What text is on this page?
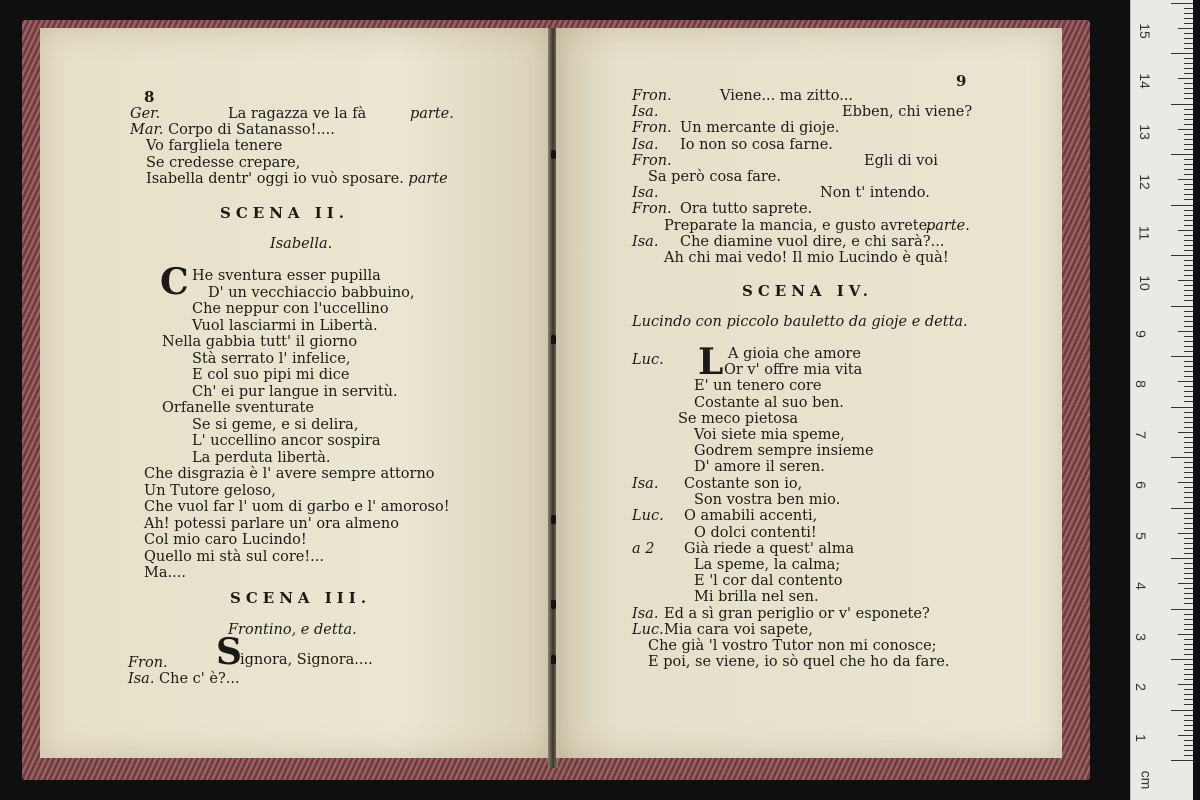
8
Ger.	La ragazza ve la fà	parte.
Mar. Corpo di Satanasso!....
Vo fargliela tenere
Se credesse crepare,
Isabella dentr' oggi io vuò sposare. parte
SCENA II.
Isabella.
C
SCENA III.
Frontino, e detta.
Fron. S
ignora, Signora....
Isa. Che c' è?...
He sventura esser pupilla
D' un vecchiaccio babbuino,
Che neppur con l'uccellino
Vuol lasciarmi in Libertà.
Nella gabbia tutt' il giorno
Stà serrato l' infelice,
E col suo pipi mi dice
Ch' ei pur langue in servitù.
Orfanelle sventurate
Se si geme, e si delira,
L' uccellino ancor sospira
La perduta libertà.
Che disgrazia è l' avere sempre attorno
Un Tutore geloso,
Che vuol far l' uom di garbo e l' amoroso!
Ah! potessi parlare un' ora almeno
Col mio caro Lucindo!
Quello mi stà sul core!...
Ma....
9
SCENA IV.
Lucindo con piccolo bauletto da gioje e detta.
Luc. L
Fron.	Viene... ma zitto...
Isa.	Ebben, chi viene?
Fron. Un mercante di gioje.
Isa. Io non so cosa farne.
Fron.	Egli di voi
Sa però cosa fare.
Isa.	Non t' intendo.
Fron. Ora tutto saprete.
Preparate la mancia, e gusto avrete.
parte.
Isa. Che diamine vuol dire, e chi sarà?...
Ah chi mai vedo! Il mio Lucindo è quà!
A gioia che amore
Or v' offre mia vita
E' un tenero core
Costante al suo ben.
Se meco pietosa
Voi siete mia speme,
Godrem sempre insieme
D' amore il seren.
Isa. Costante son io,
Son vostra ben mio.
Luc. O amabili accenti,
O dolci contenti!
a 2 Già riede a quest' alma
La speme, la calma;
E 'l cor dal contento
Mi brilla nel sen.
Isa. Ed a sì gran periglio or v' esponete?
Luc. Mia cara voi sapete,
Che già 'l vostro Tutor non mi conosce;
E poi, se viene, io sò quel che ho da fare.
15
14
13
12
11
10
9
8
7
6
5
4
3
2
1
cm
